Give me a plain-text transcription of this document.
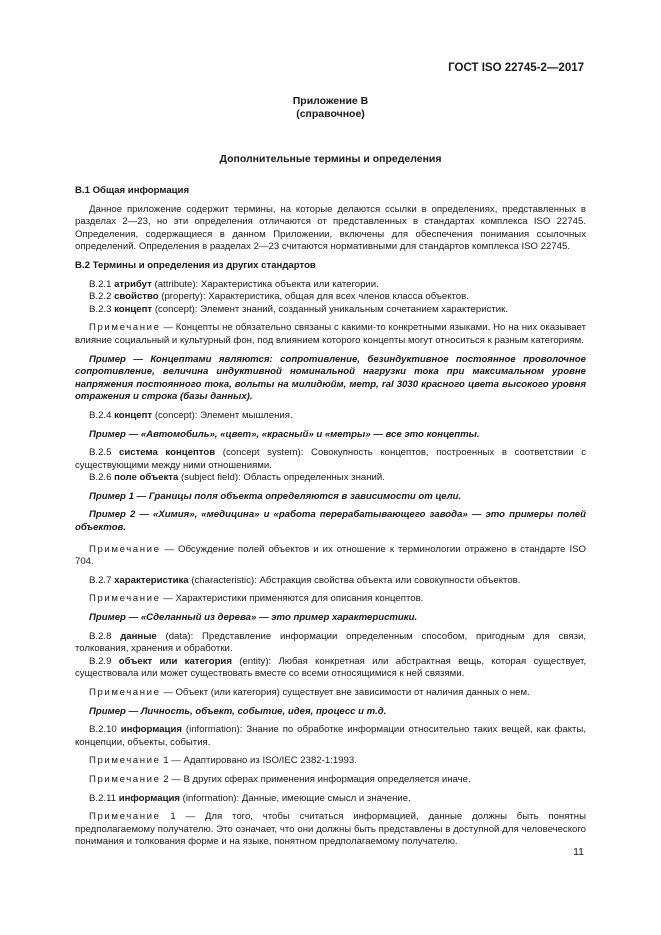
ГОСТ ISO 22745-2—2017
Приложение В
(справочное)
Дополнительные термины и определения

В.1 Общая информация

Данное приложение содержит термины, на которые делаются ссылки в определениях, представленных в разделах 2—23, но эти определения отличаются от представленных в стандартах комплекса ISO 22745. Определения, содержащиеся в данном Приложении, включены для обеспечения понимания ссылочных определений. Определения в разделах 2—23 считаются нормативными для стандартов комплекса ISO 22745.

В.2 Термины и определения из других стандартов

В.2.1 атрибут (attribute): Характеристика объекта или категории.

В.2.2 свойство (property): Характеристика, общая для всех членов класса объектов.

В.2.3 концепт (concept): Элемент знаний, созданный уникальным сочетанием характеристик.

Примечание — Концепты не обязательно связаны с какими-то конкретными языками. Но на них оказывает влияние социальный и культурный фон, под влиянием которого концепты могут относиться к разным категориям.

Пример — Концептами являются: сопротивление, безиндуктивное постоянное проволочное сопротивление, величина индуктивной номинальной нагрузки тока при максимальном уровне напряжения постоянного тока, вольты на милидюйм, метр, ral 3030 красного цвета высокого уровня отражения и строка (базы данных).

В.2.4 концепт (concept): Элемент мышления.

Пример — «Автомобиль», «цвет», «красный» и «метры» — все это концепты.

В.2.5 система концептов (concept system): Совокупность концептов, построенных в соответствии с существующими между ними отношениями.

В.2.6 поле объекта (subject field): Область определенных знаний.

Пример 1 — Границы поля объекта определяются в зависимости от цели.

Пример 2 — «Химия», «медицина» и «работа перерабатывающего завода» — это примеры полей объектов.

Примечание — Обсуждение полей объектов и их отношение к терминологии отражено в стандарте ISO 704.

В.2.7 характеристика (characteristic): Абстракция свойства объекта или совокупности объектов.

Примечание — Характеристики применяются для описания концептов.

Пример — «Сделанный из дерева» — это пример характеристики.

В.2.8 данные (data): Представление информации определенным способом, пригодным для связи, толкования, хранения и обработки.

В.2.9 объект или категория (entity): Любая конкретная или абстрактная вещь, которая существует, существовала или может существовать вместе со всеми относящимися к ней связями.

Примечание — Объект (или категория) существует вне зависимости от наличия данных о нем.

Пример — Личность, объект, событие, идея, процесс и т.д.

В.2.10 информация (information): Знание по обработке информации относительно таких вещей, как факты, концепции, объекты, события.

Примечание 1 — Адаптировано из ISO/IEC 2382-1:1993.

Примечание 2 — В других сферах применения информация определяется иначе.

В.2.11 информация (information): Данные, имеющие смысл и значение.

Примечание 1 — Для того, чтобы считаться информацией, данные должны быть понятны предполагаемому получателю. Это означает, что они должны быть представлены в доступной для человеческого понимания и толкования форме и на языке, понятном предполагаемому получателю.

11
